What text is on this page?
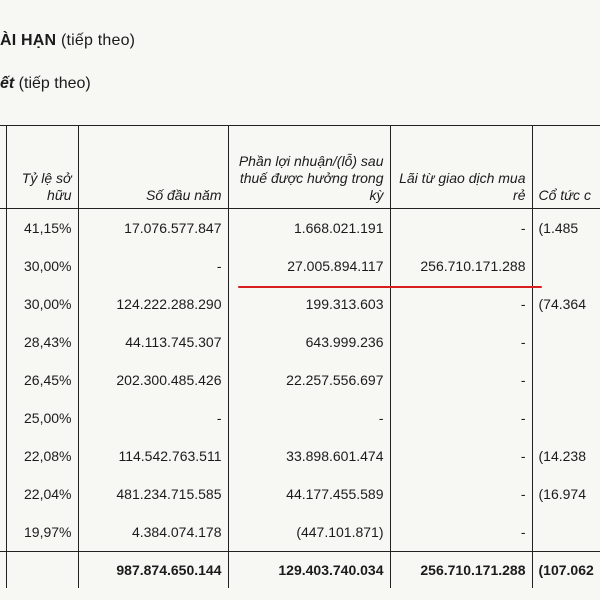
ÀI HẠN (tiếp theo)
ết (tiếp theo)
	Tỷ lệ sở hữu	Số đầu năm	Phần lợi nhuận/(lỗ) sau thuế được hưởng trong kỳ	Lãi từ giao dịch mua rẻ	Cổ tức c
	41,15%	17.076.577.847	1.668.021.191	-	(1.485
	30,00%	-	27.005.894.117	256.710.171.288	
	30,00%	124.222.288.290	199.313.603	-	(74.364
	28,43%	44.113.745.307	643.999.236	-	
	26,45%	202.300.485.426	22.257.556.697	-	
	25,00%	-	-	-	
	22,08%	114.542.763.511	33.898.601.474	-	(14.238
	22,04%	481.234.715.585	44.177.455.589	-	(16.974
	19,97%	4.384.074.178	(447.101.871)	-	
		987.874.650.144	129.403.740.034	256.710.171.288	(107.062
